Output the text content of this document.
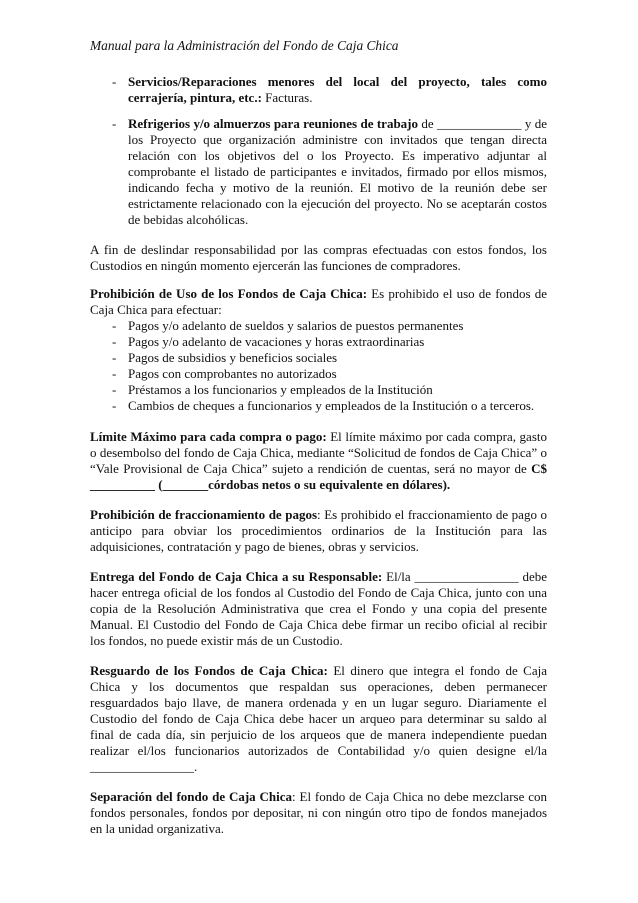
Manual para la Administración del Fondo de Caja Chica
- Servicios/Reparaciones menores del local del proyecto, tales como cerrajería, pintura, etc.: Facturas.
- Refrigerios y/o almuerzos para reuniones de trabajo de _____________ y de los Proyecto que organización administre con invitados que tengan directa relación con los objetivos del o los Proyecto. Es imperativo adjuntar al comprobante el listado de participantes e invitados, firmado por ellos mismos, indicando fecha y motivo de la reunión. El motivo de la reunión debe ser estrictamente relacionado con la ejecución del proyecto. No se aceptarán costos de bebidas alcohólicas.

A fin de deslindar responsabilidad por las compras efectuadas con estos fondos, los Custodios en ningún momento ejercerán las funciones de compradores.

Prohibición de Uso de los Fondos de Caja Chica: Es prohibido el uso de fondos de Caja Chica para efectuar:

- Pagos y/o adelanto de sueldos y salarios de puestos permanentes
- Pagos y/o adelanto de vacaciones y horas extraordinarias
- Pagos de subsidios y beneficios sociales
- Pagos con comprobantes no autorizados
- Préstamos a los funcionarios y empleados de la Institución
- Cambios de cheques a funcionarios y empleados de la Institución o a terceros.

Límite Máximo para cada compra o pago: El límite máximo por cada compra, gasto o desembolso del fondo de Caja Chica, mediante “Solicitud de fondos de Caja Chica” o “Vale Provisional de Caja Chica” sujeto a rendición de cuentas, será no mayor de C$ __________ (_______córdobas netos o su equivalente en dólares).

Prohibición de fraccionamiento de pagos: Es prohibido el fraccionamiento de pago o anticipo para obviar los procedimientos ordinarios de la Institución para las adquisiciones, contratación y pago de bienes, obras y servicios.

Entrega del Fondo de Caja Chica a su Responsable: El/la ________________ debe hacer entrega oficial de los fondos al Custodio del Fondo de Caja Chica, junto con una copia de la Resolución Administrativa que crea el Fondo y una copia del presente Manual. El Custodio del Fondo de Caja Chica debe firmar un recibo oficial al recibir los fondos, no puede existir más de un Custodio.

Resguardo de los Fondos de Caja Chica: El dinero que integra el fondo de Caja Chica y los documentos que respaldan sus operaciones, deben permanecer resguardados bajo llave, de manera ordenada y en un lugar seguro. Diariamente el Custodio del fondo de Caja Chica debe hacer un arqueo para determinar su saldo al final de cada día, sin perjuicio de los arqueos que de manera independiente puedan realizar el/los funcionarios autorizados de Contabilidad y/o quien designe el/la ________________.

Separación del fondo de Caja Chica: El fondo de Caja Chica no debe mezclarse con fondos personales, fondos por depositar, ni con ningún otro tipo de fondos manejados en la unidad organizativa.
